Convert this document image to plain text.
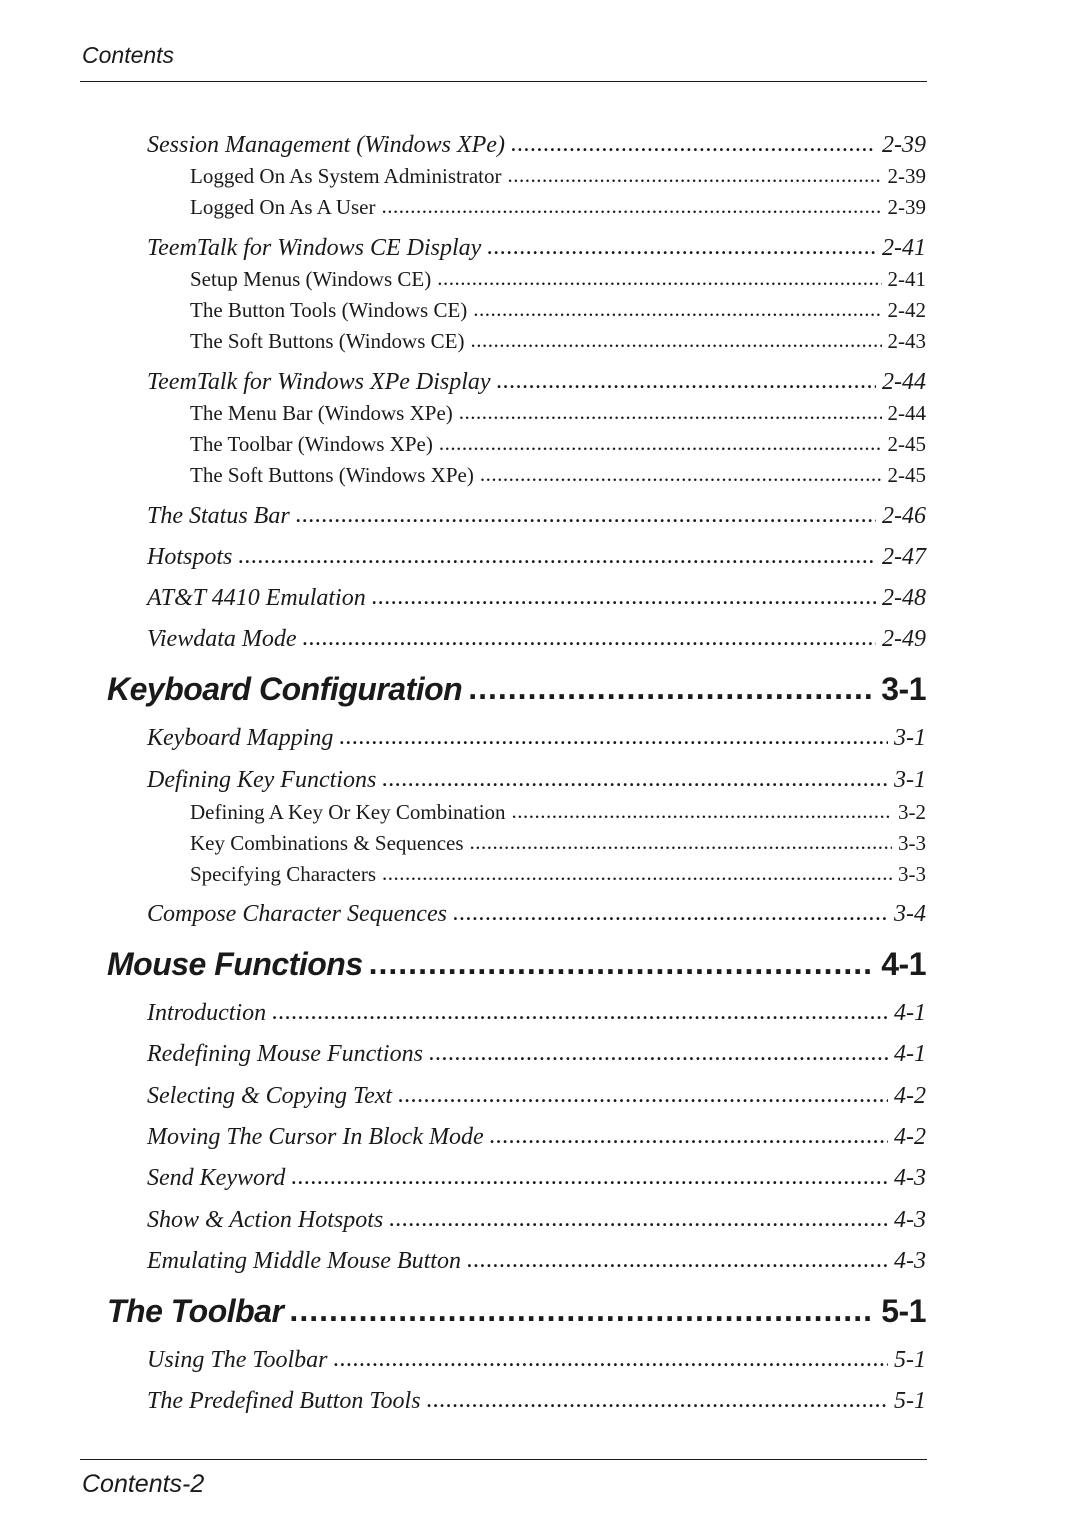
Contents
Session Management (Windows XPe) .....	2-39
Logged On As System Administrator .....	2-39
Logged On As A User .....	2-39
TeemTalk for Windows CE Display .....	2-41
Setup Menus (Windows CE) .....	2-41
The Button Tools (Windows CE) .....	2-42
The Soft Buttons (Windows CE) .....	2-43
TeemTalk for Windows XPe Display .....	2-44
The Menu Bar (Windows XPe) .....	2-44
The Toolbar (Windows XPe) .....	2-45
The Soft Buttons (Windows XPe) .....	2-45
The Status Bar .....	2-46
Hotspots .....	2-47
AT&T 4410 Emulation .....	2-48
Viewdata Mode .....	2-49
Keyboard Configuration .....	3-1
Keyboard Mapping .....	3-1
Defining Key Functions .....	3-1
Defining A Key Or Key Combination .....	3-2
Key Combinations & Sequences .....	3-3
Specifying Characters .....	3-3
Compose Character Sequences .....	3-4
Mouse Functions .....	4-1
Introduction .....	4-1
Redefining Mouse Functions .....	4-1
Selecting & Copying Text .....	4-2
Moving The Cursor In Block Mode .....	4-2
Send Keyword .....	4-3
Show & Action Hotspots .....	4-3
Emulating Middle Mouse Button .....	4-3
The Toolbar .....	5-1
Using The Toolbar .....	5-1
The Predefined Button Tools .....	5-1
Contents-2
